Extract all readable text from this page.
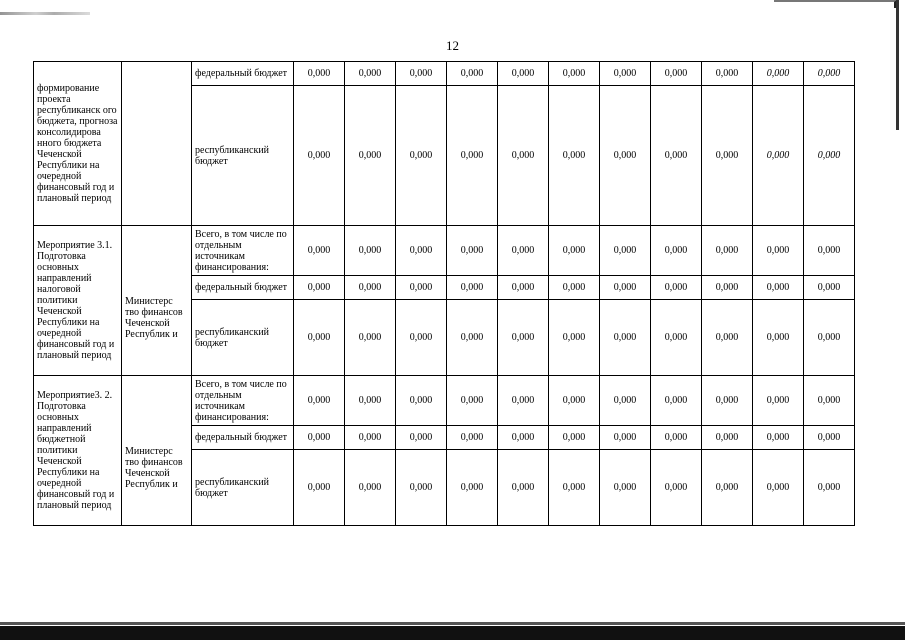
12
формирование проекта республиканск ого бюджета, прогноза консолидирова нного бюджета Чеченской Республики на очередной финансовый год и плановый период		федеральный бюджет	0,000	0,000	0,000	0,000	0,000	0,000	0,000	0,000	0,000	0,000	0,000
		республиканский бюджет	0,000	0,000	0,000	0,000	0,000	0,000	0,000	0,000	0,000	0,000	0,000
Мероприятие 3.1. Подготовка основных направлений налоговой политики Чеченской Республики на очередной финансовый год и плановый период	Министерс тво финансов Чеченской Республик и	Всего, в том числе по отдельным источникам финансирования:	0,000	0,000	0,000	0,000	0,000	0,000	0,000	0,000	0,000	0,000	0,000
		федеральный бюджет	0,000	0,000	0,000	0,000	0,000	0,000	0,000	0,000	0,000	0,000	0,000
		республиканский бюджет	0,000	0,000	0,000	0,000	0,000	0,000	0,000	0,000	0,000	0,000	0,000
Мероприятие3. 2. Подготовка основных направлений бюджетной политики Чеченской Республики на очередной финансовый год и плановый период	Министерс тво финансов Чеченской Республик и	Всего, в том числе по отдельным источникам финансирования:	0,000	0,000	0,000	0,000	0,000	0,000	0,000	0,000	0,000	0,000	0,000
		федеральный бюджет	0,000	0,000	0,000	0,000	0,000	0,000	0,000	0,000	0,000	0,000	0,000
		республиканский бюджет	0,000	0,000	0,000	0,000	0,000	0,000	0,000	0,000	0,000	0,000	0,000
